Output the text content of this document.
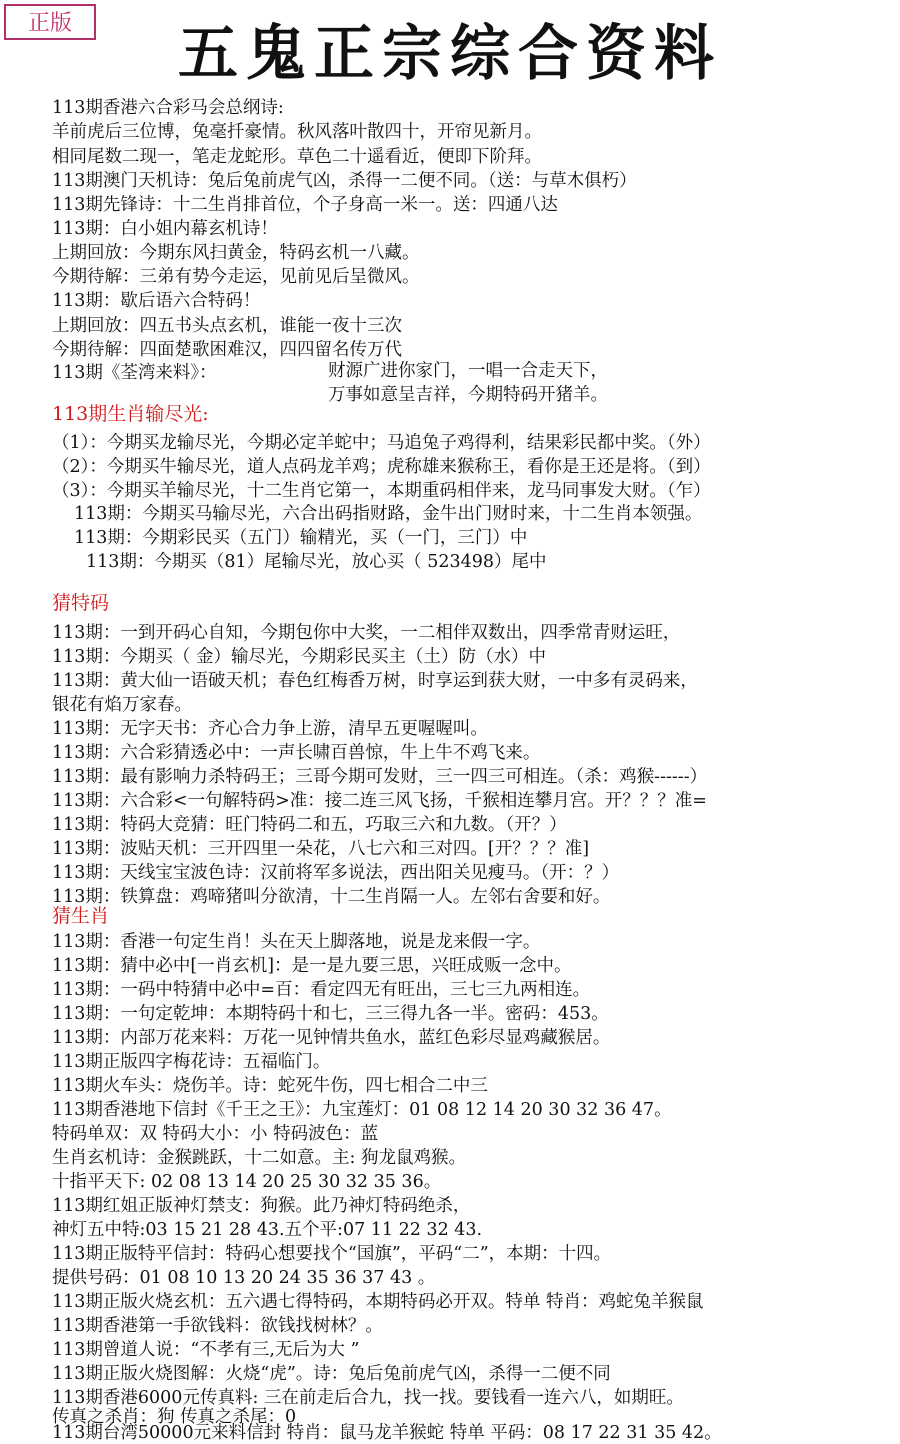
正版	五鬼正宗综合资料
113期香港六合彩马会总纲诗:
羊前虎后三位博，兔毫扦豪情。秋风落叶散四十，开帘见新月。
相同尾数二现一，笔走龙蛇形。草色二十遥看近，便即下阶拜。
113期澳门天机诗：兔后兔前虎气凶，杀得一二便不同。（送：与草木俱朽）
113期先锋诗：十二生肖排首位，个子身高一米一。送：四通八达
113期：白小姐内幕玄机诗！
上期回放：今期东风扫黄金，特码玄机一八藏。
今期待解：三弟有势今走运，见前见后呈微风。
113期：歇后语六合特码！
上期回放：四五书头点玄机，谁能一夜十三次
今期待解：四面楚歌困难汉，四四留名传万代
113期《荃湾来料》：	财源广进你家门，一唱一合走天下，
万事如意呈吉祥，今期特码开猪羊。
113期生肖输尽光:
（1）：今期买龙输尽光，今期必定羊蛇中；马追兔子鸡得利，结果彩民都中奖。（外）
（2）：今期买牛输尽光，道人点码龙羊鸡；虎称雄来猴称王，看你是王还是将。（到）
（3）：今期买羊输尽光，十二生肖它第一，本期重码相伴来，龙马同事发大财。（乍）
113期：今期买马输尽光，六合出码指财路，金牛出门财时来，十二生肖本领强。
113期：今期彩民买（五门）输精光，买（一门，三门）中
113期：今期买（81）尾输尽光，放心买（ 523498）尾中
猜特码
113期：一到开码心自知，今期包你中大奖，一二相伴双数出，四季常青财运旺，
113期：今期买（ 金）输尽光，今期彩民买主（土）防（水）中
113期：黄大仙一语破天机；春色红梅香万树，时享运到获大财，一中多有灵码来，
银花有焰万家春。
113期：无字天书：齐心合力争上游，清早五更喔喔叫。
113期：六合彩猜透必中：一声长啸百兽惊，牛上牛不鸡飞来。
113期：最有影响力杀特码王；三哥今期可发财，三一四三可相连。（杀：鸡猴------）
113期：六合彩<一句解特码>准：接二连三风飞扬，千猴相连攀月宫。开？？？准=
113期：特码大竞猜：旺门特码二和五，巧取三六和九数。（开？）
113期：波贴天机：三开四里一朵花，八七六和三对四。[开？？？准]
113期：天线宝宝波色诗：汉前将军多说法，西出阳关见瘦马。（开：？）
113期：铁算盘：鸡啼猪叫分欲清，十二生肖隔一人。左邻右舍要和好。
猜生肖
113期：香港一句定生肖！头在天上脚落地，说是龙来假一字。
113期：猜中必中[一肖玄机]：是一是九要三思，兴旺成贩一念中。
113期：一码中特猜中必中=百：看定四无有旺出，三七三九两相连。
113期：一句定乾坤：本期特码十和七，三三得九各一半。密码：453。
113期：内部万花来料：万花一见钟情共鱼水，蓝红色彩尽显鸡藏猴居。
113期正版四字梅花诗：五福临门。
113期火车头：烧伤羊。诗：蛇死牛伤，四七相合二中三
113期香港地下信封《千王之王》：九宝莲灯：01 08 12 14 20 30 32 36 47。
特码单双：双 特码大小：小 特码波色：蓝
生肖玄机诗：金猴跳跃，十二如意。主: 狗龙鼠鸡猴。
十指平天下: 02 08 13 14 20 25 30 32 35 36。
113期红姐正版神灯禁支：狗猴。此乃神灯特码绝杀，
神灯五中特:03 15 21 28 43.五个平:07 11 22 32 43.
113期正版特平信封：特码心想要找个“国旗”，平码“二”，本期：十四。
提供号码：01 08 10 13 20 24 35 36 37 43 。
113期正版火烧玄机：五六遇七得特码，本期特码必开双。特单 特肖：鸡蛇兔羊猴鼠
113期香港第一手欲钱料：欲钱找树林？。
113期曾道人说：“不孝有三,无后为大 ”
113期正版火烧图解：火烧“虎”。诗：兔后兔前虎气凶，杀得一二便不同
113期香港6000元传真料: 三在前走后合九，找一找。要钱看一连六八，如期旺。
传真之杀肖：狗 传真之杀尾：0
113期台湾50000元来料信封 特肖：鼠马龙羊猴蛇 特单 平码：08 17 22 31 35 42。
